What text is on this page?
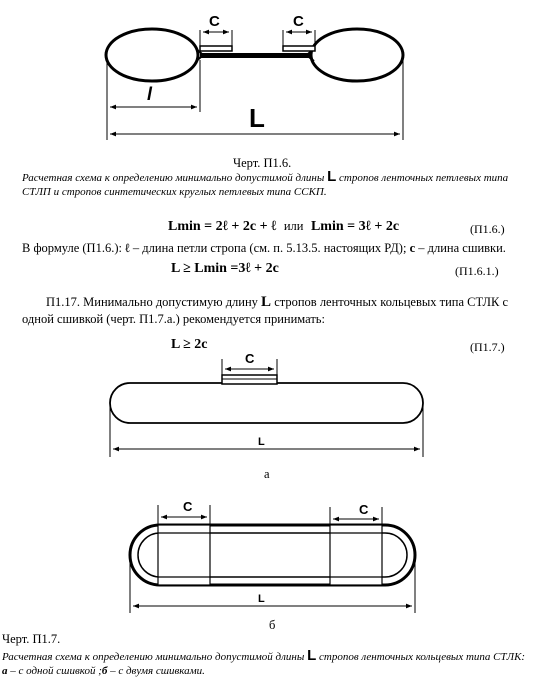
C	C
l
L
Черт. П1.6.
Расчетная схема к определению минимально допустимой длины L стропов ленточных петлевых типа СТЛП и стропов синтетических круглых петлевых типа ССКП.
Lmin = 2ℓ + 2c + ℓ или Lmin = 3ℓ + 2c	(П1.6.)
В формуле (П1.6.): ℓ – длина петли стропа (см. п. 5.13.5. настоящих РД); с – длина сшивки.
L ≥ Lmin =3ℓ + 2c	(П1.6.1.)
П1.17. Минимально допустимую длину L стропов ленточных кольцевых типа СТЛК с одной сшивкой (черт. П1.7.а.) рекомендуется принимать:
L ≥ 2c	(П1.7.)
C
L
а
C	C
L
б
Черт. П1.7.
Расчетная схема к определению минимально допустимой длины L стропов ленточных кольцевых типа СТЛК: а – с одной сшивкой ;б – с двумя сшивками.
